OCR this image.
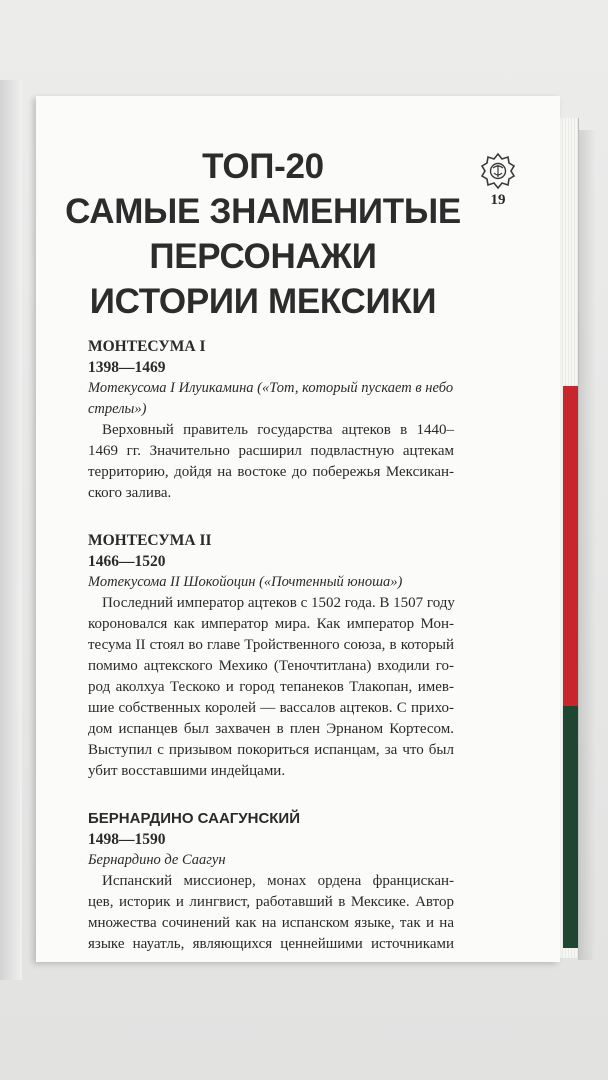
19
ТОП-20
САМЫЕ ЗНАМЕНИТЫЕ
ПЕРСОНАЖИ
ИСТОРИИ МЕКСИКИ
МОНТЕСУМА I
1398—1469
Мотекусома I Илуикамина («Тот, который пускает в небо
стрелы»)
Верховный правитель государства ацтеков в 1440–
1469 гг. Значительно расширил подвластную ацтекам
территорию, дойдя на востоке до побережья Мексикан-
ского залива.
МОНТЕСУМА II
1466—1520
Мотекусома II Шокойоцин («Почтенный юноша»)
Последний император ацтеков с 1502 года. В 1507 году
короновался как император мира. Как император Мон-
тесума II стоял во главе Тройственного союза, в который
помимо ацтекского Мехико (Теночтитлана) входили го-
род аколхуа Тескоко и город тепанеков Тлакопан, имев-
шие собственных королей — вассалов ацтеков. С прихо-
дом испанцев был захвачен в плен Эрнаном Кортесом.
Выступил с призывом покориться испанцам, за что был
убит восставшими индейцами.
БЕРНАРДИНО СААГУНСКИЙ
1498—1590
Бернардино де Саагун
Испанский миссионер, монах ордена францискан-
цев, историк и лингвист, работавший в Мексике. Автор
множества сочинений как на испанском языке, так и на
языке науатль, являющихся ценнейшими источниками
